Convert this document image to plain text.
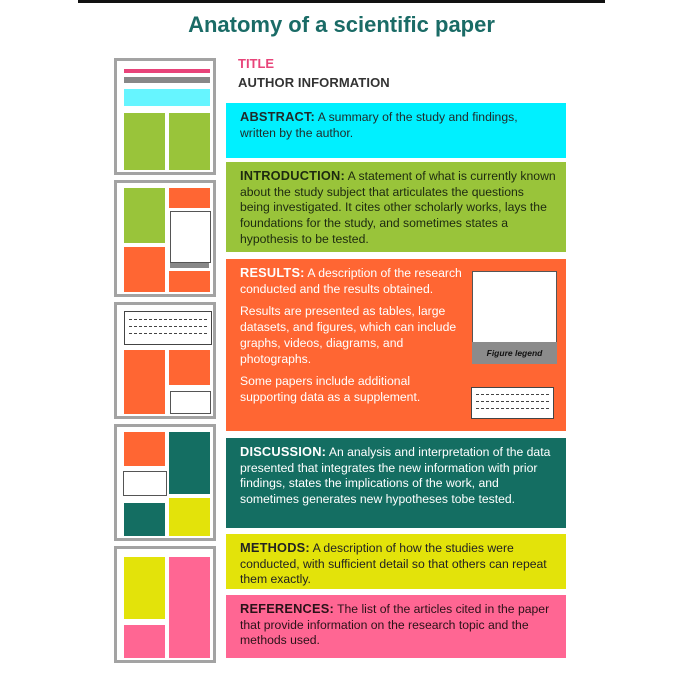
Anatomy of a scientific paper
TITLE
AUTHOR INFORMATION

ABSTRACT: A summary of the study and findings, written by the author.

INTRODUCTION: A statement of what is currently known about the study subject that articulates the questions being investigated. It cites other scholarly works, lays the foundations for the study, and sometimes states a hypothesis to be tested.

RESULTS: A description of the research conducted and the results obtained.

Results are presented as tables, large datasets, and figures, which can include graphs, videos, diagrams, and photographs.

Some papers include additional supporting data as a supplement.

Figure legend

DISCUSSION: An analysis and interpretation of the data presented that integrates the new information with prior findings, states the implications of the work, and sometimes generates new hypotheses tobe tested.

METHODS: A description of how the studies were conducted, with sufficient detail so that others can repeat them exactly.

REFERENCES: The list of the articles cited in the paper that provide information on the research topic and the methods used.
